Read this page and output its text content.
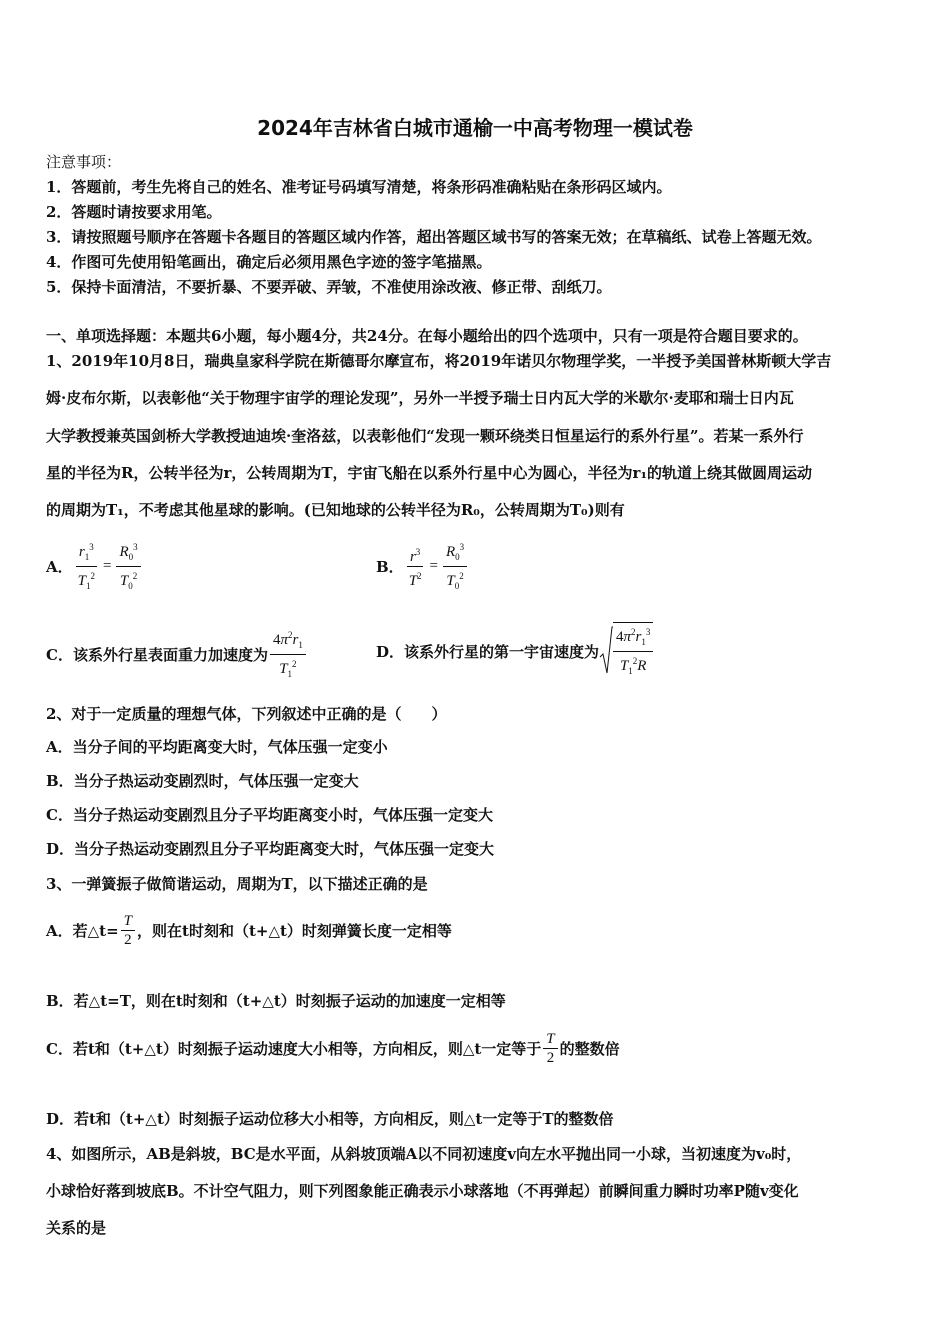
2024年吉林省白城市通榆一中高考物理一模试卷
注意事项：
1．答题前，考生先将自己的姓名、准考证号码填写清楚，将条形码准确粘贴在条形码区域内。
2．答题时请按要求用笔。
3．请按照题号顺序在答题卡各题目的答题区域内作答，超出答题区域书写的答案无效；在草稿纸、试卷上答题无效。
4．作图可先使用铅笔画出，确定后必须用黑色字迹的签字笔描黑。
5．保持卡面清洁，不要折暴、不要弄破、弄皱，不准使用涂改液、修正带、刮纸刀。
一、单项选择题：本题共6小题，每小题4分，共24分。在每小题给出的四个选项中，只有一项是符合题目要求的。
1、2019年10月8日，瑞典皇家科学院在斯德哥尔摩宣布，将2019年诺贝尔物理学奖，一半授予美国普林斯顿大学吉
姆·皮布尔斯，以表彰他“关于物理宇宙学的理论发现”，另外一半授予瑞士日内瓦大学的米歇尔·麦耶和瑞士日内瓦
大学教授兼英国剑桥大学教授迪迪埃·奎洛兹，以表彰他们“发现一颗环绕类日恒星运行的系外行星”。若某一系外行
星的半径为R，公转半径为r，公转周期为T，宇宙飞船在以系外行星中心为圆心，半径为r₁的轨道上绕其做圆周运动
的周期为T₁，不考虑其他星球的影响。(已知地球的公转半径为R₀，公转周期为T₀)则有
A． $\frac{r_1^3}{T_1^2} = \frac{R_0^3}{T_0^2}$	B． $\frac{r^3}{T^2} = \frac{R_0^3}{T_0^2}$
C．该系外行星表面重力加速度为 $\frac{4\pi^2r_1}{T_1^2}$	D．该系外行星的第一宇宙速度为 $\frac{4\pi^2r_1^3}{T_1^2R}$
2、对于一定质量的理想气体，下列叙述中正确的是（　　）
A．当分子间的平均距离变大时，气体压强一定变小
B．当分子热运动变剧烈时，气体压强一定变大
C．当分子热运动变剧烈且分子平均距离变小时，气体压强一定变大
D．当分子热运动变剧烈且分子平均距离变大时，气体压强一定变大
3、一弹簧振子做简谐运动，周期为T，以下描述正确的是
A．若△t= $\frac{T}{2}$ ，则在t时刻和（t+△t）时刻弹簧长度一定相等
B．若△t=T，则在t时刻和（t+△t）时刻振子运动的加速度一定相等
C．若t和（t+△t）时刻振子运动速度大小相等，方向相反，则△t一定等于 $\frac{T}{2}$ 的整数倍
D．若t和（t+△t）时刻振子运动位移大小相等，方向相反，则△t一定等于T的整数倍
4、如图所示，AB是斜坡，BC是水平面，从斜坡顶端A以不同初速度v向左水平抛出同一小球，当初速度为v₀时，
小球恰好落到坡底B。不计空气阻力，则下列图象能正确表示小球落地（不再弹起）前瞬间重力瞬时功率P随v变化
关系的是
